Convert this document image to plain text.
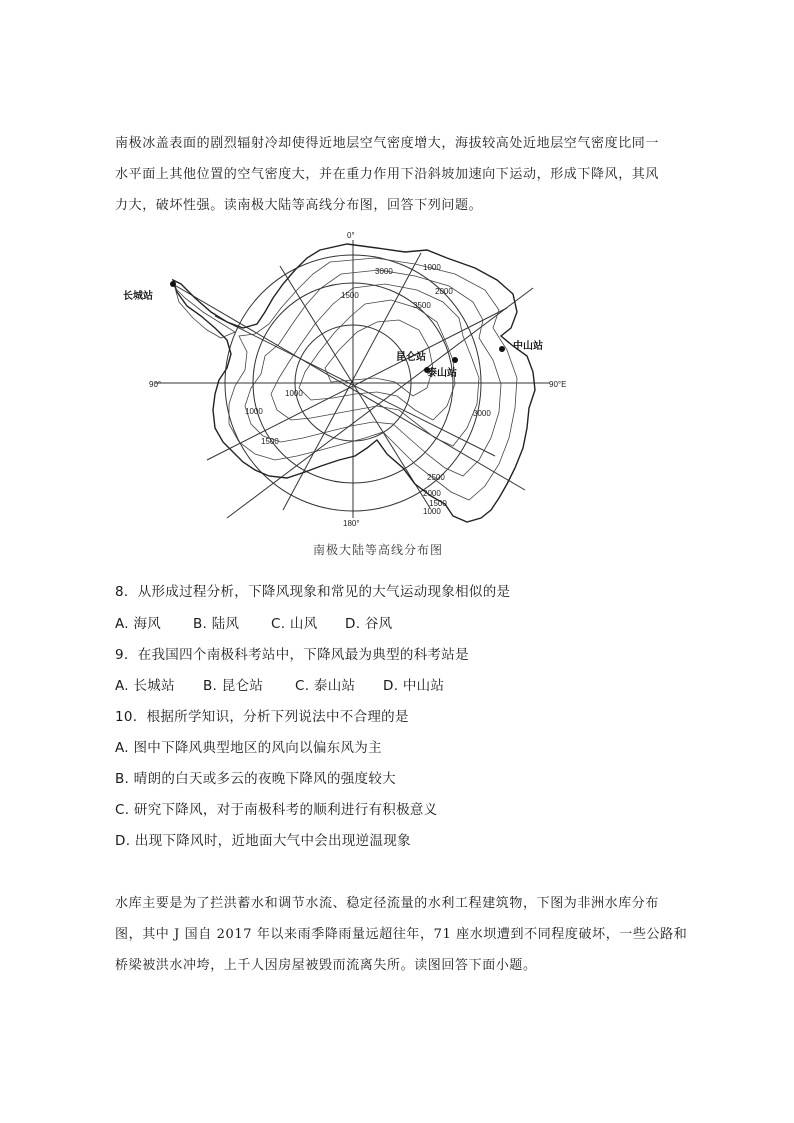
南极冰盖表面的剧烈辐射冷却使得近地层空气密度增大，海拔较高处近地层空气密度比同一
水平面上其他位置的空气密度大，并在重力作用下沿斜坡加速向下运动，形成下降风，其风
力大，破坏性强。读南极大陆等高线分布图，回答下列问题。
3000	1000
2000
3500
1500
1000
1000
1500
3000
2500
2000
1500
1000
0°
180°
90°	90°E
长城站
昆仑站
泰山站
中山站
南极大陆等高线分布图
8．从形成过程分析，下降风现象和常见的大气运动现象相似的是
A. 海风 B. 陆风 C. 山风 D. 谷风
9．在我国四个南极科考站中，下降风最为典型的科考站是
A. 长城站 B. 昆仑站 C. 泰山站 D. 中山站
10．根据所学知识，分析下列说法中不合理的是
A. 图中下降风典型地区的风向以偏东风为主
B. 晴朗的白天或多云的夜晚下降风的强度较大
C. 研究下降风，对于南极科考的顺利进行有积极意义
D. 出现下降风时，近地面大气中会出现逆温现象
水库主要是为了拦洪蓄水和调节水流、稳定径流量的水利工程建筑物，下图为非洲水库分布
图，其中 J 国自 2017 年以来雨季降雨量远超往年，71 座水坝遭到不同程度破坏，一些公路和
桥梁被洪水冲垮，上千人因房屋被毁而流离失所。读图回答下面小题。
